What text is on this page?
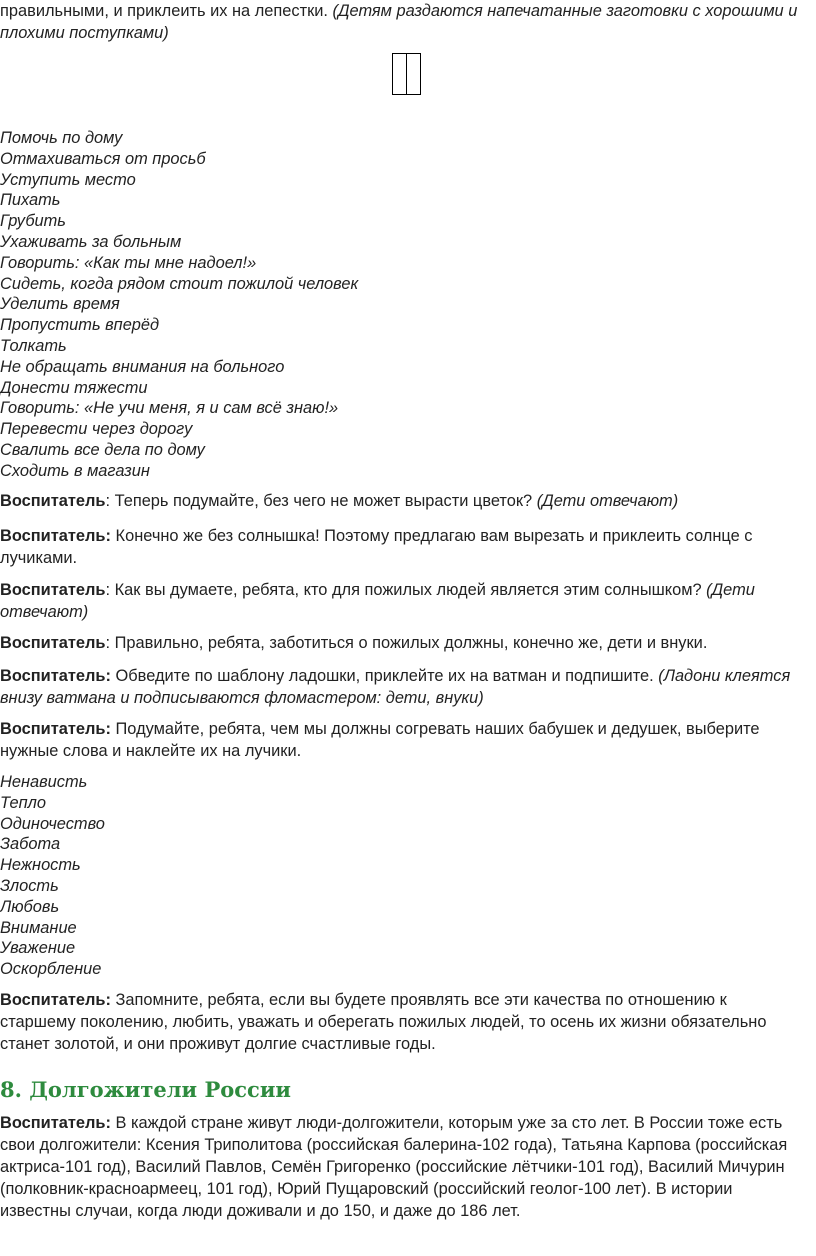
правильными, и приклеить их на лепестки. (Детям раздаются напечатанные заготовки с хорошими и плохими поступками)

Помочь по дому
Отмахиваться от просьб
Уступить место
Пихать
Грубить
Ухаживать за больным
Говорить: «Как ты мне надоел!»
Сидеть, когда рядом стоит пожилой человек
Уделить время
Пропустить вперёд
Толкать
Не обращать внимания на больного
Донести тяжести
Говорить: «Не учи меня, я и сам всё знаю!»
Перевести через дорогу
Свалить все дела по дому
Сходить в магазин

Воспитатель: Теперь подумайте, без чего не может вырасти цветок? (Дети отвечают)

Воспитатель: Конечно же без солнышка! Поэтому предлагаю вам вырезать и приклеить солнце с лучиками.

Воспитатель: Как вы думаете, ребята, кто для пожилых людей является этим солнышком? (Дети отвечают)

Воспитатель: Правильно, ребята, заботиться о пожилых должны, конечно же, дети и внуки.

Воспитатель: Обведите по шаблону ладошки, приклейте их на ватман и подпишите. (Ладони клеятся внизу ватмана и подписываются фломастером: дети, внуки)

Воспитатель: Подумайте, ребята, чем мы должны согревать наших бабушек и дедушек, выберите нужные слова и наклейте их на лучики.

Ненависть
Тепло
Одиночество
Забота
Нежность
Злость
Любовь
Внимание
Уважение
Оскорбление

Воспитатель: Запомните, ребята, если вы будете проявлять все эти качества по отношению к старшему поколению, любить, уважать и оберегать пожилых людей, то осень их жизни обязательно станет золотой, и они проживут долгие счастливые годы.

8. Долгожители России

Воспитатель: В каждой стране живут люди-долгожители, которым уже за сто лет. В России тоже есть свои долгожители: Ксения Триполитова (российская балерина-102 года), Татьяна Карпова (российская актриса-101 год), Василий Павлов, Семён Григоренко (российские лётчики-101 год), Василий Мичурин (полковник-красноармеец, 101 год), Юрий Пущаровский (российский геолог-100 лет). В истории известны случаи, когда люди доживали и до 150, и даже до 186 лет.
